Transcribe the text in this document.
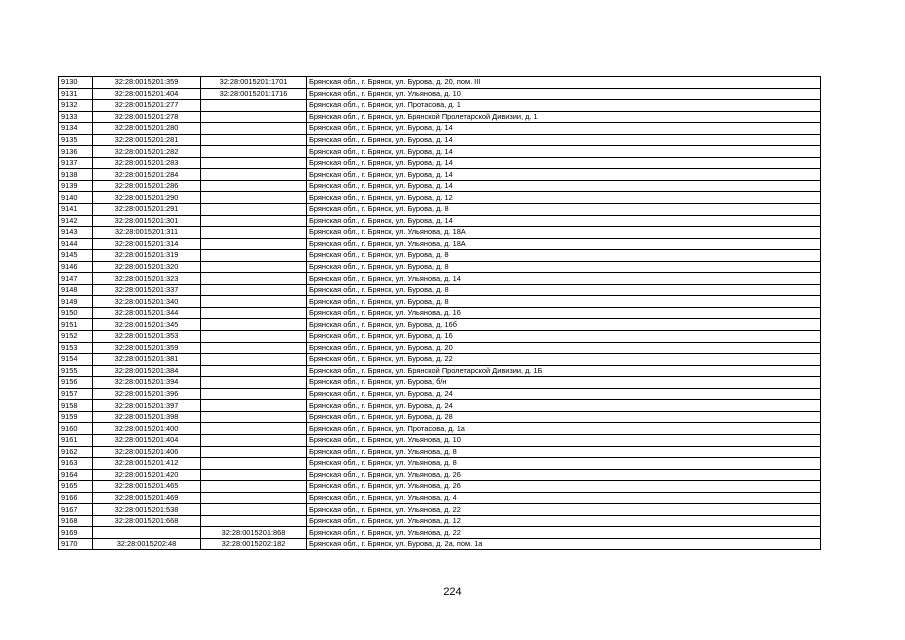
9130	32:28:0015201:359	32:28:0015201:1701	Брянская обл., г. Брянск, ул. Бурова, д. 20, пом. III
9131	32:28:0015201:404	32:28:0015201:1716	Брянская обл., г. Брянск, ул. Ульянова, д. 10
9132	32:28:0015201:277		Брянская обл., г. Брянск, ул. Протасова, д. 1
9133	32:28:0015201:278		Брянская обл., г. Брянск, ул. Брянской Пролетарской Дивизии, д. 1
9134	32:28:0015201:280		Брянская обл., г. Брянск, ул. Бурова, д. 14
9135	32:28:0015201:281		Брянская обл., г. Брянск, ул. Бурова, д. 14
9136	32:28:0015201:282		Брянская обл., г. Брянск, ул. Бурова, д. 14
9137	32:28:0015201:283		Брянская обл., г. Брянск, ул. Бурова, д. 14
9138	32:28:0015201:284		Брянская обл., г. Брянск, ул. Бурова, д. 14
9139	32:28:0015201:286		Брянская обл., г. Брянск, ул. Бурова, д. 14
9140	32:28:0015201:290		Брянская обл., г. Брянск, ул. Бурова, д. 12
9141	32:28:0015201:291		Брянская обл., г. Брянск, ул. Бурова, д. 8
9142	32:28:0015201:301		Брянская обл., г. Брянск, ул. Бурова, д. 14
9143	32:28:0015201:311		Брянская обл., г. Брянск, ул. Ульянова, д. 18А
9144	32:28:0015201:314		Брянская обл., г. Брянск, ул. Ульянова, д. 18А
9145	32:28:0015201:319		Брянская обл., г. Брянск, ул. Бурова, д. 8
9146	32:28:0015201:320		Брянская обл., г. Брянск, ул. Бурова, д. 8
9147	32:28:0015201:323		Брянская обл., г. Брянск, ул. Ульянова, д. 14
9148	32:28:0015201:337		Брянская обл., г. Брянск, ул. Бурова, д. 8
9149	32:28:0015201:340		Брянская обл., г. Брянск, ул. Бурова, д. 8
9150	32:28:0015201:344		Брянская обл., г. Брянск, ул. Ульянова, д. 16
9151	32:28:0015201:345		Брянская обл., г. Брянск, ул. Бурова, д. 16б
9152	32:28:0015201:353		Брянская обл., г. Брянск, ул. Бурова, д. 16
9153	32:28:0015201:359		Брянская обл., г. Брянск, ул. Бурова, д. 20
9154	32:28:0015201:381		Брянская обл., г. Брянск, ул. Бурова, д. 22
9155	32:28:0015201:384		Брянская обл., г. Брянск, ул. Брянской Пролетарской Дивизии, д. 1Б
9156	32:28:0015201:394		Брянская обл., г. Брянск, ул. Бурова, б/н
9157	32:28:0015201:396		Брянская обл., г. Брянск, ул. Бурова, д. 24
9158	32:28:0015201:397		Брянская обл., г. Брянск, ул. Бурова, д. 24
9159	32:28:0015201:398		Брянская обл., г. Брянск, ул. Бурова, д. 28
9160	32:28:0015201:400		Брянская обл., г. Брянск, ул. Протасова, д. 1а
9161	32:28:0015201:404		Брянская обл., г. Брянск, ул. Ульянова, д. 10
9162	32:28:0015201:406		Брянская обл., г. Брянск, ул. Ульянова, д. 8
9163	32:28:0015201:412		Брянская обл., г. Брянск, ул. Ульянова, д. 8
9164	32:28:0015201:420		Брянская обл., г. Брянск, ул. Ульянова, д. 26
9165	32:28:0015201:465		Брянская обл., г. Брянск, ул. Ульянова, д. 26
9166	32:28:0015201:469		Брянская обл., г. Брянск, ул. Ульянова, д. 4
9167	32:28:0015201:538		Брянская обл., г. Брянск, ул. Ульянова, д. 22
9168	32:28:0015201:668		Брянская обл., г. Брянск, ул. Ульянова, д. 12
9169		32:28:0015201:868	Брянская обл., г. Брянск, ул. Ульянова, д. 22
9170	32:28:0015202:48	32:28:0015202:182	Брянская обл., г. Брянск, ул. Бурова, д. 2а, пом. 1а
224
